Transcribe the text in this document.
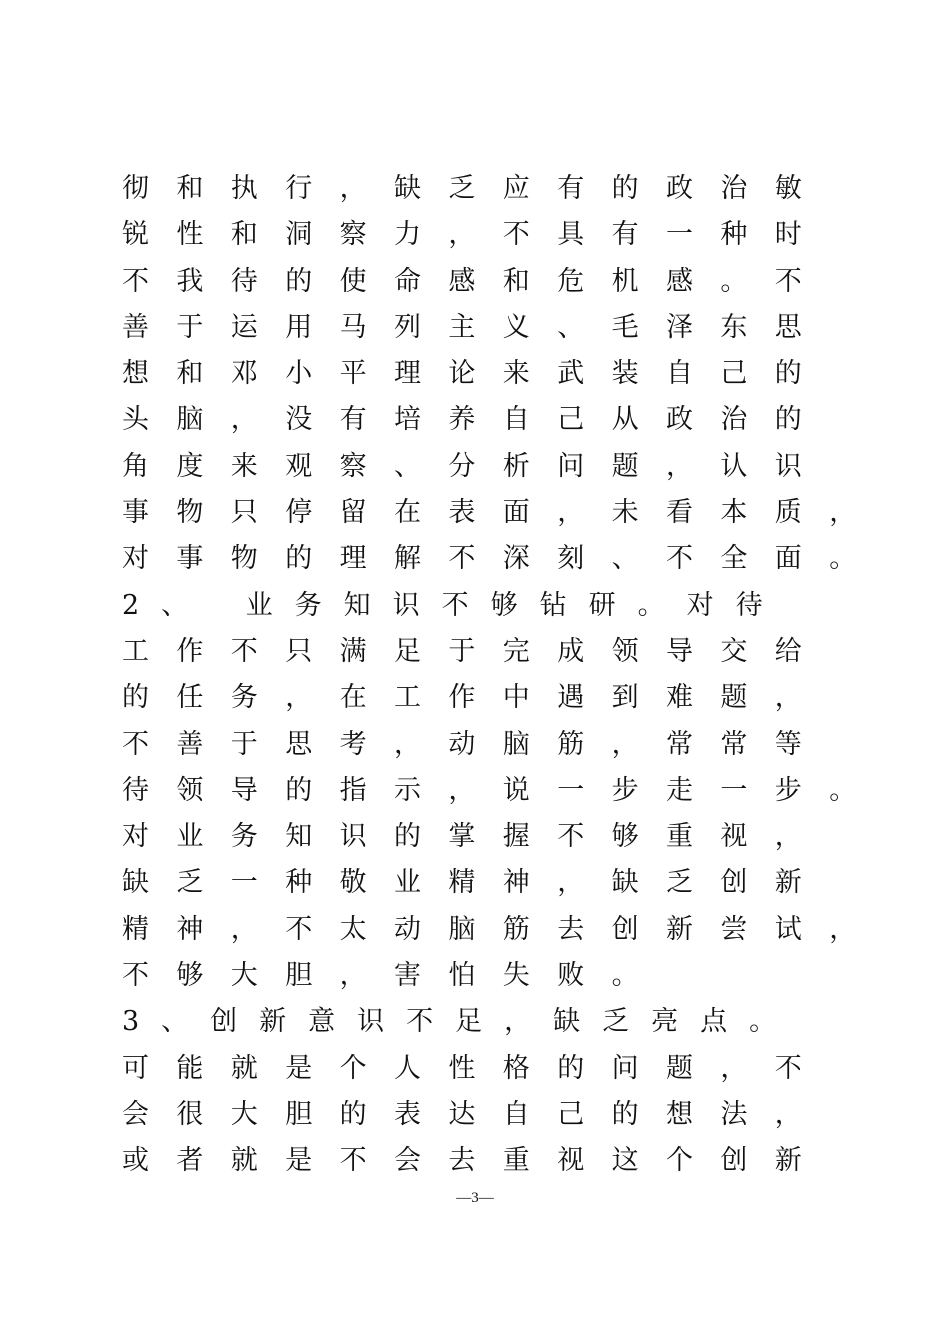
彻和执行，缺乏应有的政治敏
锐性和洞察力，不具有一种时
不我待的使命感和危机感。不
善于运用马列主义、毛泽东思
想和邓小平理论来武装自己的
头脑，没有培养自己从政治的
角度来观察、分析问题，认识
事物只停留在表面，未看本质，
对事物的理解不深刻、不全面。
2、　业务知识不够钻研。对待
工作不只满足于完成领导交给
的任务，在工作中遇到难题，
不善于思考，动脑筋，常常等
待领导的指示，说一步走一步。
对业务知识的掌握不够重视，
缺乏一种敬业精神，缺乏创新
精神，不太动脑筋去创新尝试，
不够大胆，害怕失败。
3、创新意识不足，缺乏亮点。
可能就是个人性格的问题，不
会很大胆的表达自己的想法，
或者就是不会去重视这个创新
—3—
